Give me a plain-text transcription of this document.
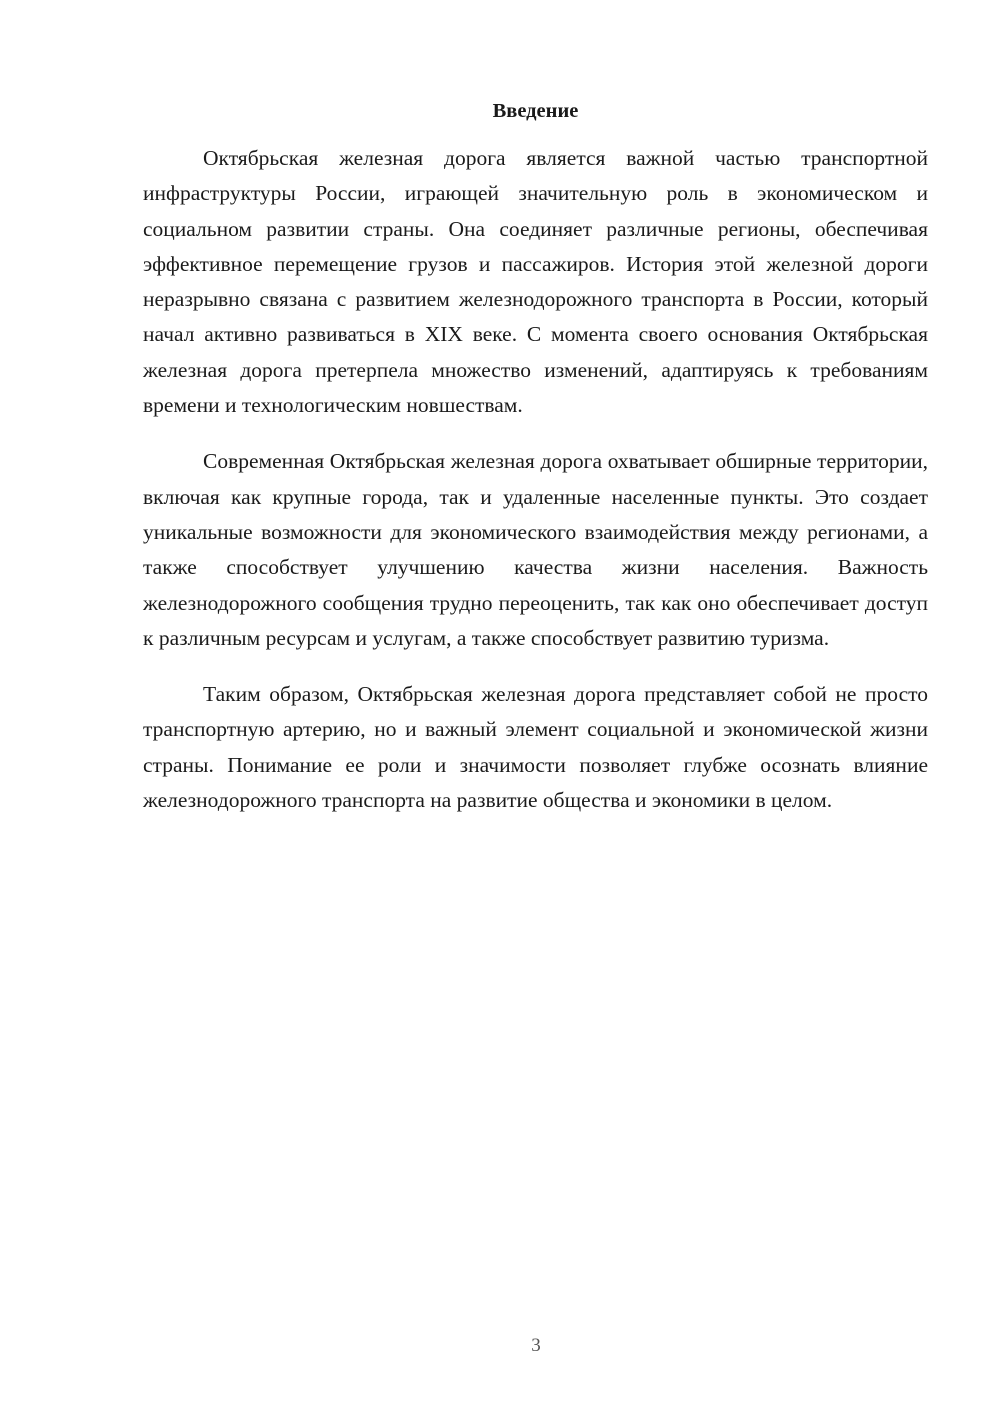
Введение

Октябрьская железная дорога является важной частью транспортной инфраструктуры России, играющей значительную роль в экономическом и социальном развитии страны. Она соединяет различные регионы, обеспечивая эффективное перемещение грузов и пассажиров. История этой железной дороги неразрывно связана с развитием железнодорожного транспорта в России, который начал активно развиваться в XIX веке. С момента своего основания Октябрьская железная дорога претерпела множество изменений, адаптируясь к требованиям времени и технологическим новшествам.

Современная Октябрьская железная дорога охватывает обширные территории, включая как крупные города, так и удаленные населенные пункты. Это создает уникальные возможности для экономического взаимодействия между регионами, а также способствует улучшению качества жизни населения. Важность железнодорожного сообщения трудно переоценить, так как оно обеспечивает доступ к различным ресурсам и услугам, а также способствует развитию туризма.

Таким образом, Октябрьская железная дорога представляет собой не просто транспортную артерию, но и важный элемент социальной и экономической жизни страны. Понимание ее роли и значимости позволяет глубже осознать влияние железнодорожного транспорта на развитие общества и экономики в целом.

3
